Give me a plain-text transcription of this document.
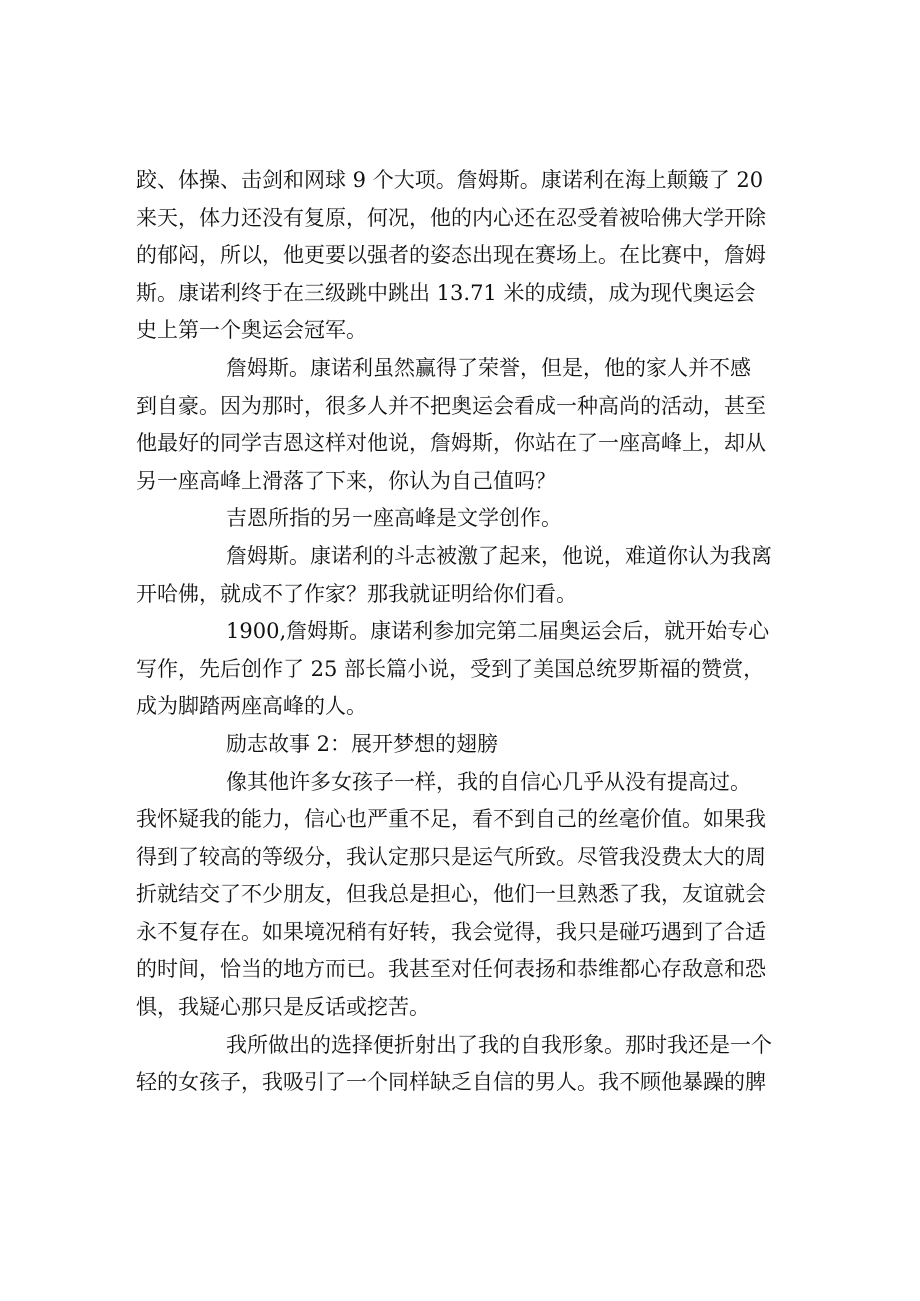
跤、体操、击剑和网球 9 个大项。詹姆斯。康诺利在海上颠簸了 20
来天，体力还没有复原，何况，他的内心还在忍受着被哈佛大学开除
的郁闷，所以，他更要以强者的姿态出现在赛场上。在比赛中，詹姆
斯。康诺利终于在三级跳中跳出 13.71 米的成绩，成为现代奥运会
史上第一个奥运会冠军。

詹姆斯。康诺利虽然赢得了荣誉，但是，他的家人并不感
到自豪。因为那时，很多人并不把奥运会看成一种高尚的活动，甚至
他最好的同学吉恩这样对他说，詹姆斯，你站在了一座高峰上，却从
另一座高峰上滑落了下来，你认为自己值吗？

吉恩所指的另一座高峰是文学创作。

詹姆斯。康诺利的斗志被激了起来，他说，难道你认为我离
开哈佛，就成不了作家？那我就证明给你们看。

1900,詹姆斯。康诺利参加完第二届奥运会后，就开始专心
写作，先后创作了 25 部长篇小说，受到了美国总统罗斯福的赞赏，
成为脚踏两座高峰的人。

励志故事 2：展开梦想的翅膀

像其他许多女孩子一样，我的自信心几乎从没有提高过。
我怀疑我的能力，信心也严重不足，看不到自己的丝毫价值。如果我
得到了较高的等级分，我认定那只是运气所致。尽管我没费太大的周
折就结交了不少朋友，但我总是担心，他们一旦熟悉了我，友谊就会
永不复存在。如果境况稍有好转，我会觉得，我只是碰巧遇到了合适
的时间，恰当的地方而已。我甚至对任何表扬和恭维都心存敌意和恐
惧，我疑心那只是反话或挖苦。

我所做出的选择便折射出了我的自我形象。那时我还是一个
轻的女孩子，我吸引了一个同样缺乏自信的男人。我不顾他暴躁的脾
